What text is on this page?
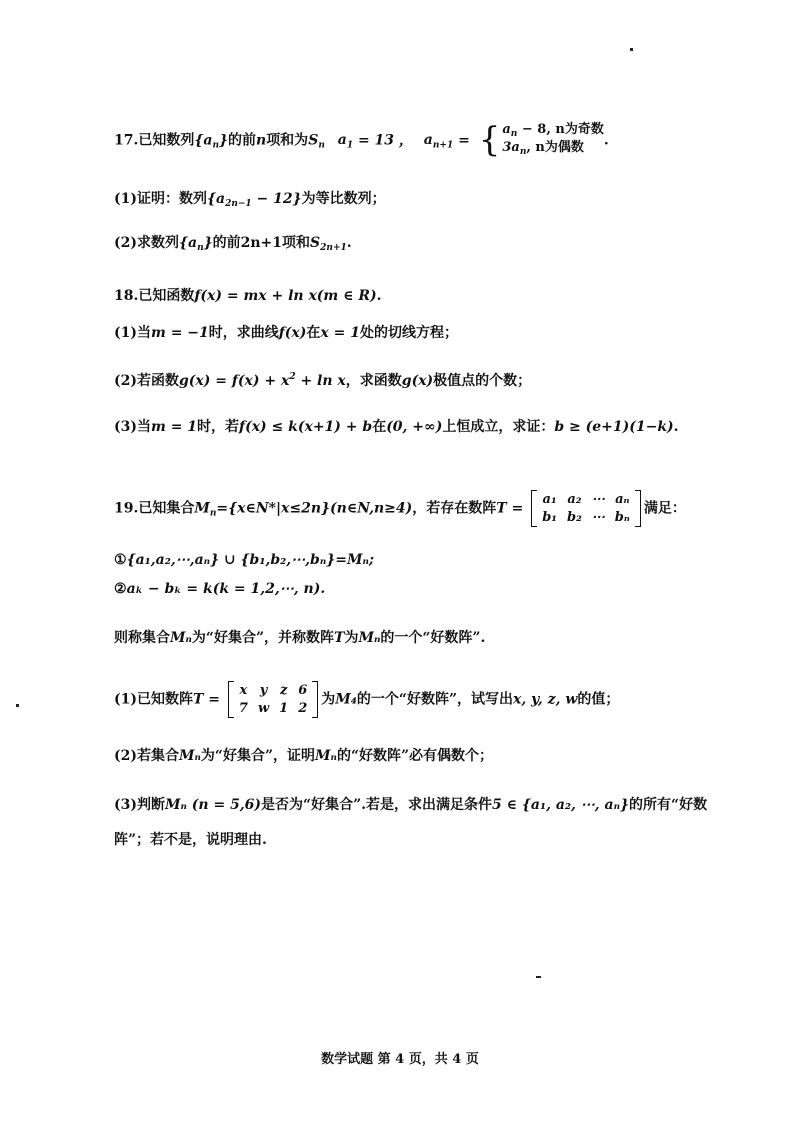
17.已知数列$\{a_n\}$的前n项和为$S_n$ $a_1 = 13$ ， $a_{n+1}$ = { $a_n - 8$, n为奇数
$3a_n$, n为偶数	.
(1)证明：数列$\{a_{2n-1} - 12\}$为等比数列；
(2)求数列$\{a_n\}$的前2n+1项和$S_{2n+1}$.
18.已知函数f(x) = mx + ln x(m ∈ R).
(1)当m = −1时，求曲线f(x)在x = 1处的切线方程；
(2)若函数$g(x) = f(x) + x^2 + \ln x$，求函数g(x)极值点的个数；
(3)当m = 1时，若f(x) ≤ k(x+1) + b在(0, +∞)上恒成立，求证：b ≥ (e+1)(1−k).
19.已知集合$M_n=\{x\in N*|x\le 2n\}(n\in N,n\ge 4)$，若存在数阵T =
a₁ a₂ ⋯ aₙ
b₁ b₂ ⋯ bₙ
满足：
①{a₁,a₂,⋯,aₙ} ∪ {b₁,b₂,⋯,bₙ}=Mₙ;
②aₖ − bₖ = k(k = 1,2,⋯, n).
则称集合Mₙ为“好集合”，并称数阵T为Mₙ的一个“好数阵”.
(1)已知数阵T =
x y z 6
7 w 1 2
为M₄的一个“好数阵”，试写出x, y, z, w的值；
(2)若集合Mₙ为“好集合”，证明Mₙ的“好数阵”必有偶数个；
(3)判断Mₙ (n = 5,6)是否为“好集合”.若是，求出满足条件5 ∈ {a₁, a₂, ⋯, aₙ}的所有“好数
阵”；若不是，说明理由.
数学试题 第 4 页，共 4 页
